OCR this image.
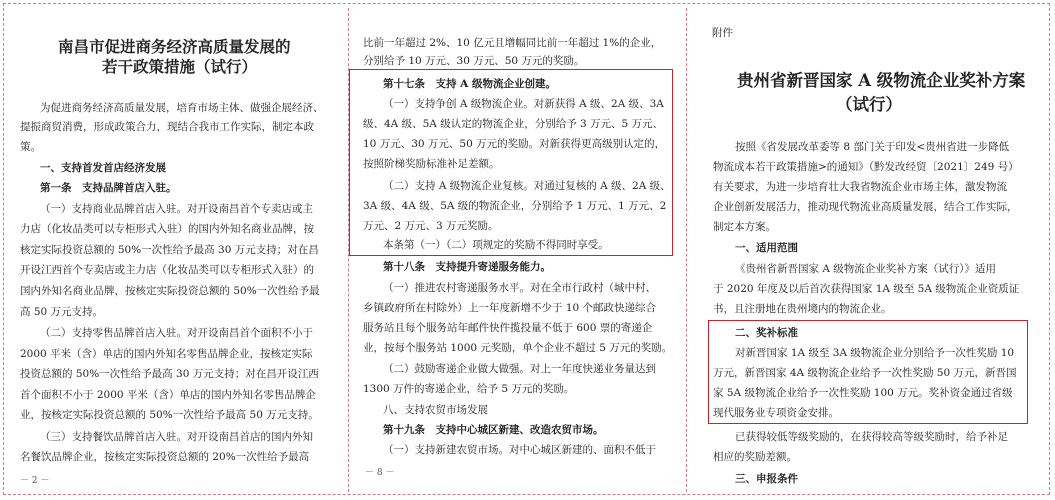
南昌市促进商务经济高质量发展的
若干政策措施（试行）
为促进商务经济高质量发展，培育市场主体、做强企展经济、
提振商贸消费，形成政策合力，现结合我市工作实际，制定本政
策。
一、支持首发首店经济发展
第一条　支持品牌首店入驻。
（一）支持商业品牌首店入驻。对开设南昌首个专卖店或主
力店（化妆品类可以专柜形式入驻）的国内外知名商业品牌，按
核定实际投资总额的 50%一次性给予最高 30 万元支持；对在昌
开设江西首个专卖店或主力店（化妆品类可以专柜形式入驻）的
国内外知名商业品牌，按核定实际投资总额的 50%一次性给予最
高 50 万元支持。
（二）支持零售品牌首店入驻。对开设南昌首个面积不小于
2000 平米（含）单店的国内外知名零售品牌企业，按核定实际
投资总额的 50%一次性给予最高 30 万元支持；对在昌开设江西
首个面积不小于 2000 平米（含）单店的国内外知名零售品牌企
业，按核定实际投资总额的 50%一次性给予最高 50 万元支持。
（三）支持餐饮品牌首店入驻。对开设南昌首店的国内外知
名餐饮品牌企业，按核定实际投资总额的 20%一次性给予最高
－ 2 －
比前一年超过 2%、10 亿元且增幅同比前一年超过 1%的企业，
分别给予 10 万元、30 万元、50 万元的奖励。
第十七条　支持 A 级物流企业创建。
（一）支持争创 A 级物流企业。对新获得 A 级、2A 级、3A
级、4A 级、5A 级认定的物流企业，分别给予 3 万元、5 万元、
10 万元、30 万元、50 万元的奖励。对新获得更高级别认定的，
按照阶梯奖励标准补足差额。
（二）支持 A 级物流企业复核。对通过复核的 A 级、2A 级、
3A 级、4A 级、5A 级的物流企业，分别给予 1 万元、1 万元、2
万元、2 万元、3 万元奖励。
本条第（一）（二）项规定的奖励不得同时享受。
第十八条　支持提升寄递服务能力。
（一）推进农村寄递服务水平。对在全市行政村（城中村、
乡镇政府所在村除外）上一年度新增不少于 10 个邮政快递综合
服务站且每个服务站年邮件快件揽投量不低于 600 票的寄递企
业，按每个服务站 1000 元奖励，单个企业不超过 5 万元的奖励。
（二）鼓励寄递企业做大做强。对上一年度快递业务量达到
1300 万件的寄递企业，给予 5 万元的奖励。
八、支持农贸市场发展
第十九条　支持中心城区新建、改造农贸市场。
（一）支持新建农贸市场。对中心城区新建的、面积不低于
－ 8 －
附件
贵州省新晋国家 A 级物流企业奖补方案
（试行）
按照《省发展改革委等 8 部门关于印发<贵州省进一步降低
物流成本若干政策措施>的通知》（黔发改经贸〔2021〕249 号）
有关要求，为进一步培育壮大我省物流企业市场主体，激发物流
企业创新发展活力，推动现代物流业高质量发展，结合工作实际，
制定本方案。
一、适用范围
《贵州省新晋国家 A 级物流企业奖补方案（试行）》适用
于 2020 年度及以后首次获得国家 1A 级至 5A 级物流企业资质证
书，且注册地在贵州境内的物流企业。
二、奖补标准
对新晋国家 1A 级至 3A 级物流企业分别给予一次性奖励 10
万元，新晋国家 4A 级物流企业给予一次性奖励 50 万元，新晋国
家 5A 级物流企业给予一次性奖励 100 万元。奖补资金通过省级
现代服务业专项资金安排。
已获得较低等级奖励的，在获得较高等级奖励时，给予补足
相应的奖励差额。
三、申报条件
